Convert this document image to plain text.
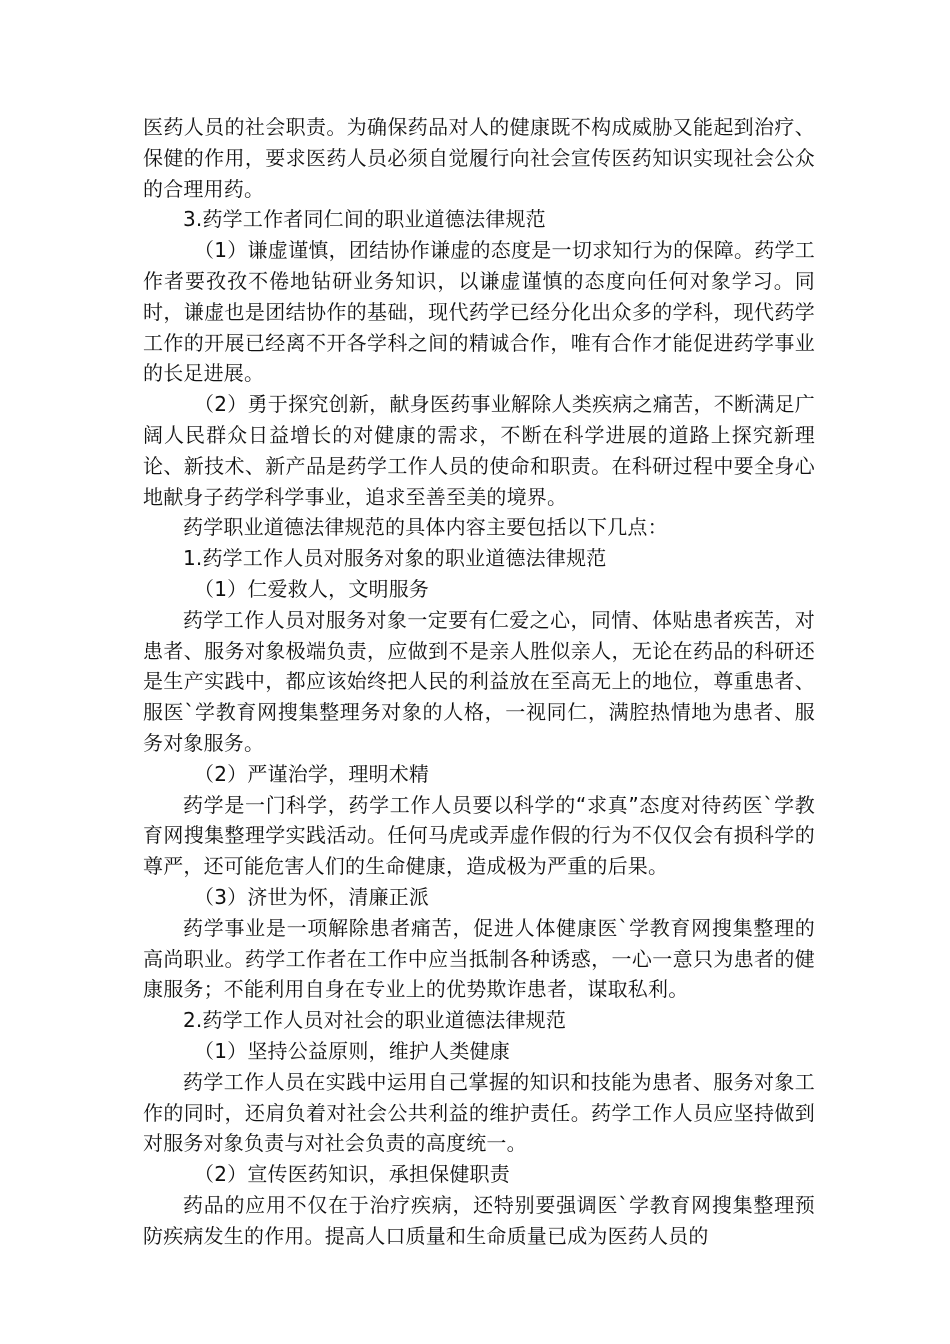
医药人员的社会职责。为确保药品对人的健康既不构成威胁又能起到治疗、保健的作用，要求医药人员必须自觉履行向社会宣传医药知识实现社会公众的合理用药。

3.药学工作者同仁间的职业道德法律规范

（1）谦虚谨慎，团结协作谦虚的态度是一切求知行为的保障。药学工作者要孜孜不倦地钻研业务知识，以谦虚谨慎的态度向任何对象学习。同时，谦虚也是团结协作的基础，现代药学已经分化出众多的学科，现代药学工作的开展已经离不开各学科之间的精诚合作，唯有合作才能促进药学事业的长足进展。

（2）勇于探究创新，献身医药事业解除人类疾病之痛苦，不断满足广阔人民群众日益增长的对健康的需求，不断在科学进展的道路上探究新理论、新技术、新产品是药学工作人员的使命和职责。在科研过程中要全身心地献身子药学科学事业，追求至善至美的境界。

药学职业道德法律规范的具体内容主要包括以下几点：

1.药学工作人员对服务对象的职业道德法律规范

（1）仁爱救人，文明服务

药学工作人员对服务对象一定要有仁爱之心，同情、体贴患者疾苦，对患者、服务对象极端负责，应做到不是亲人胜似亲人，无论在药品的科研还是生产实践中，都应该始终把人民的利益放在至高无上的地位，尊重患者、服医`学教育网搜集整理务对象的人格，一视同仁，满腔热情地为患者、服务对象服务。

（2）严谨治学，理明术精

药学是一门科学，药学工作人员要以科学的“求真”态度对待药医`学教育网搜集整理学实践活动。任何马虎或弄虚作假的行为不仅仅会有损科学的尊严，还可能危害人们的生命健康，造成极为严重的后果。

（3）济世为怀，清廉正派

药学事业是一项解除患者痛苦，促进人体健康医`学教育网搜集整理的高尚职业。药学工作者在工作中应当抵制各种诱惑，一心一意只为患者的健康服务；不能利用自身在专业上的优势欺诈患者，谋取私利。

2.药学工作人员对社会的职业道德法律规范

（1）坚持公益原则，维护人类健康

药学工作人员在实践中运用自己掌握的知识和技能为患者、服务对象工作的同时，还肩负着对社会公共利益的维护责任。药学工作人员应坚持做到对服务对象负责与对社会负责的高度统一。

（2）宣传医药知识，承担保健职责

药品的应用不仅在于治疗疾病，还特别要强调医`学教育网搜集整理预防疾病发生的作用。提高人口质量和生命质量已成为医药人员的
